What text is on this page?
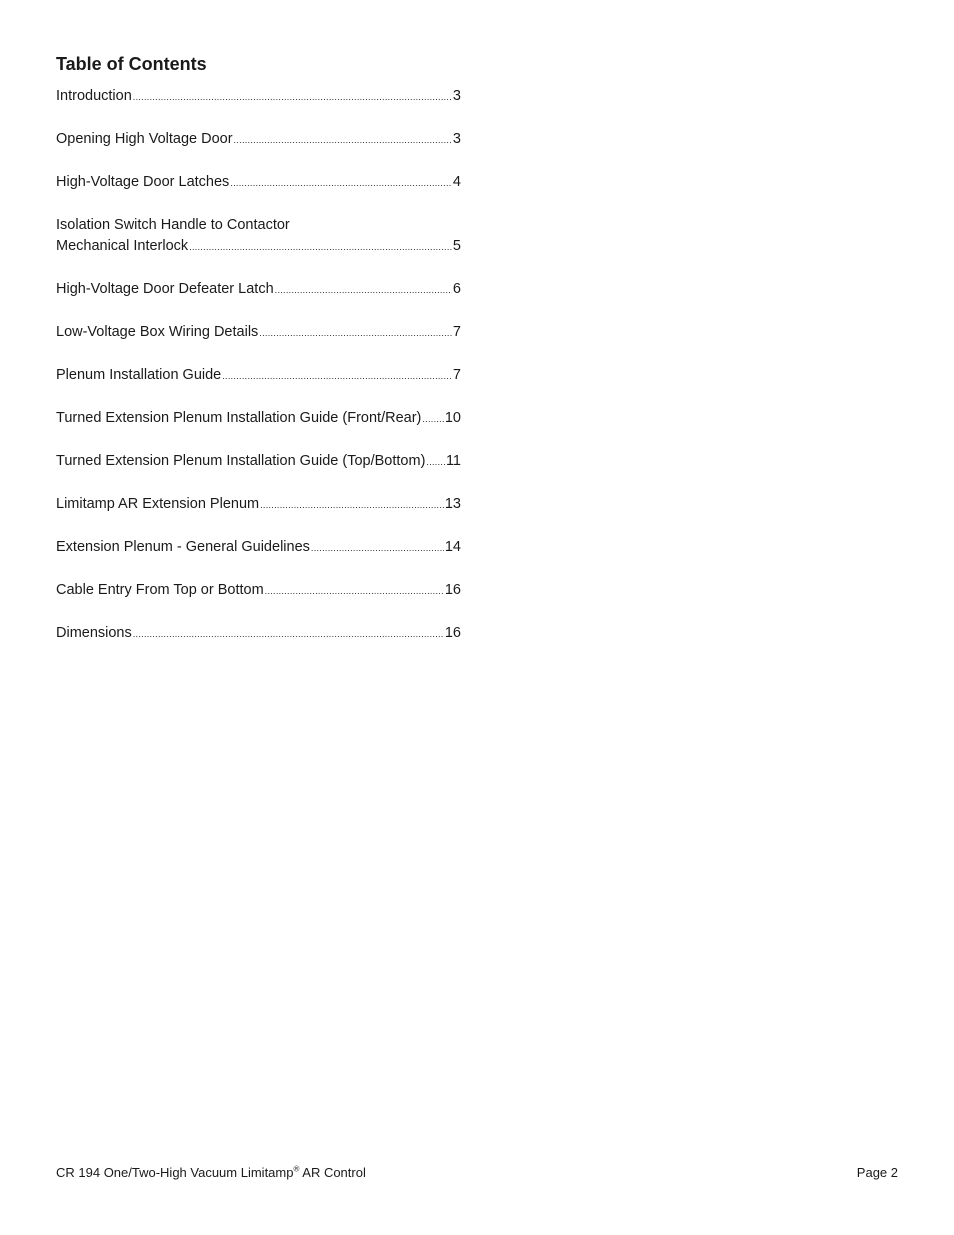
Table of Contents
Introduction .....	3
Opening High Voltage Door .....	3
High-Voltage Door Latches .....	4
Isolation Switch Handle to Contactor
Mechanical Interlock .....	5
High-Voltage Door Defeater Latch .....	6
Low-Voltage Box Wiring Details .....	7
Plenum Installation Guide .....	7
Turned Extension Plenum Installation Guide (Front/Rear) ..... 10
Turned Extension Plenum Installation Guide (Top/Bottom) ..... 11
Limitamp AR Extension Plenum .....	13
Extension Plenum - General Guidelines .....	14
Cable Entry From Top or Bottom .....	16
Dimensions .....	16
CR 194 One/Two-High Vacuum Limitamp® AR Control	Page 2
